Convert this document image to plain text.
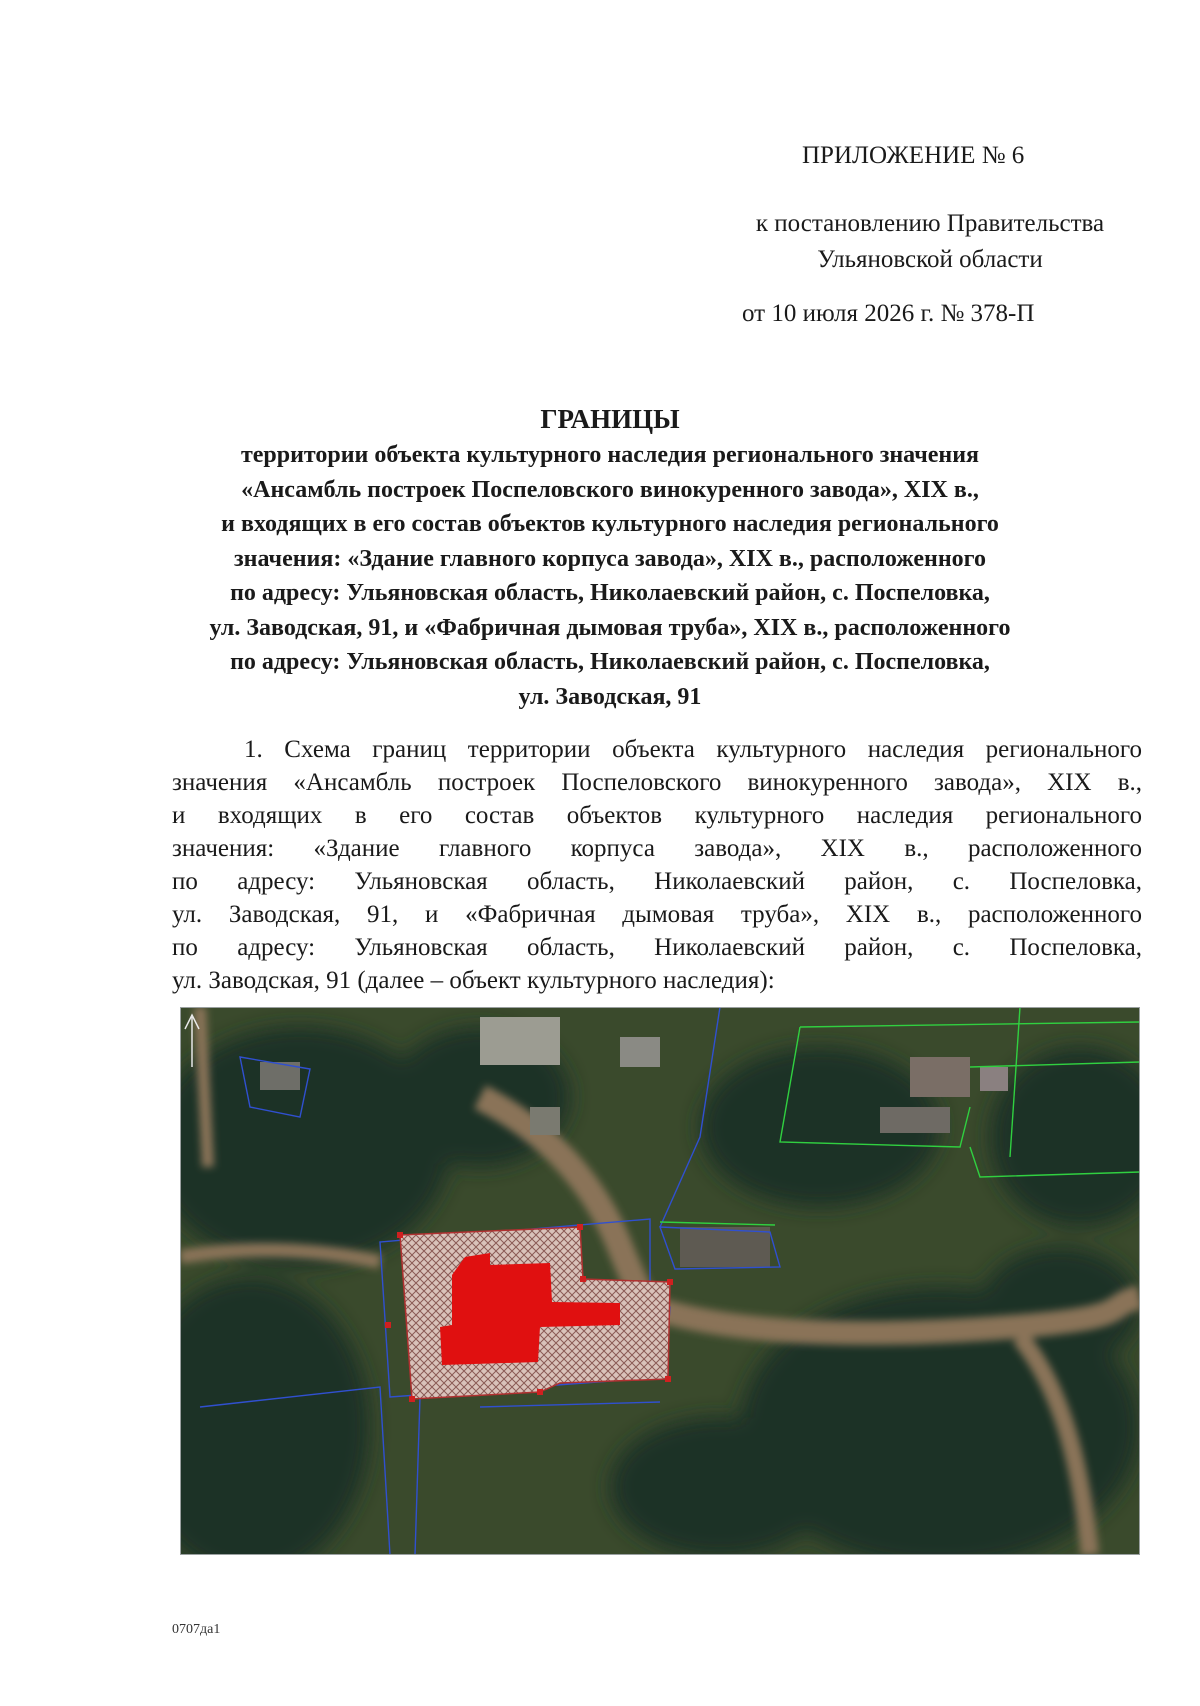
ПРИЛОЖЕНИЕ № 6
к постановлению Правительства
Ульяновской области
от 10 июля 2026 г. № 378-П
ГРАНИЦЫ
территории объекта культурного наследия регионального значения
«Ансамбль построек Поспеловского винокуренного завода», XIX в.,
и входящих в его состав объектов культурного наследия регионального
значения: «Здание главного корпуса завода», XIX в., расположенного
по адресу: Ульяновская область, Николаевский район, с. Поспеловка,
ул. Заводская, 91, и «Фабричная дымовая труба», XIX в., расположенного
по адресу: Ульяновская область, Николаевский район, с. Поспеловка,
ул. Заводская, 91
1. Схема границ территории объекта культурного наследия регионального
значения «Ансамбль построек Поспеловского винокуренного завода», XIX в.,
и входящих в его состав объектов культурного наследия регионального
значения: «Здание главного корпуса завода», XIX в., расположенного
по адресу: Ульяновская область, Николаевский район, с. Поспеловка,
ул. Заводская, 91, и «Фабричная дымовая труба», XIX в., расположенного
по адресу: Ульяновская область, Николаевский район, с. Поспеловка,
ул. Заводская, 91 (далее – объект культурного наследия):
0707да1
